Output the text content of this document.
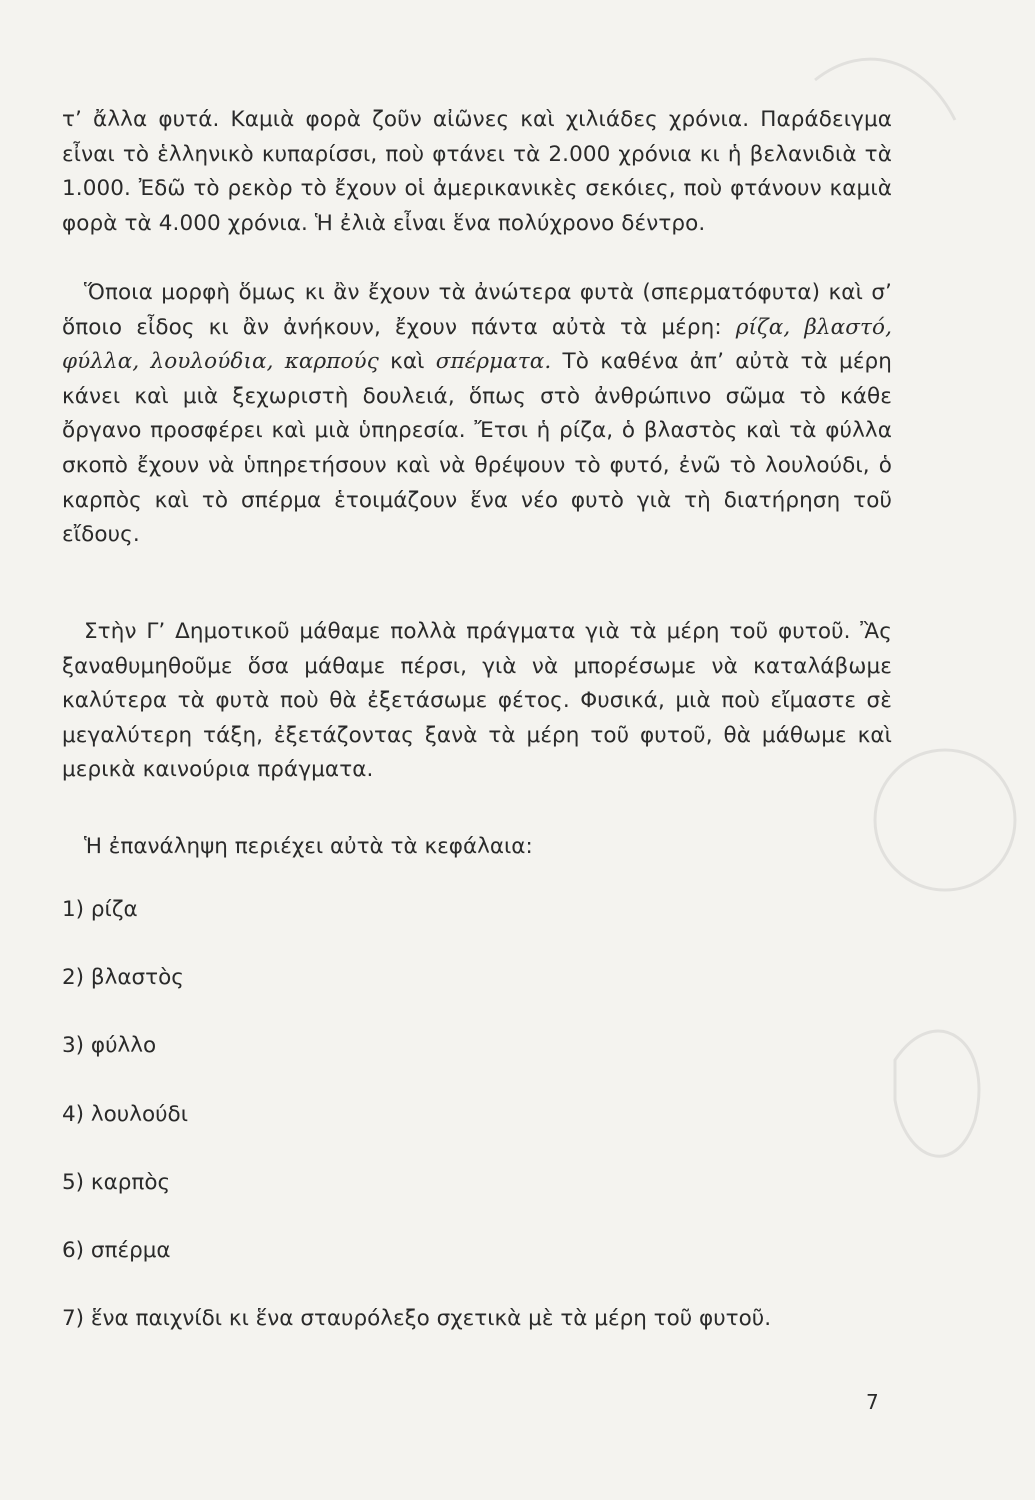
τ’ ἄλλα φυτά. Καμιὰ φορὰ ζοῦν αἰῶνες καὶ χιλιάδες χρόνια. Παράδειγμα εἶναι τὸ ἑλληνικὸ κυπαρίσσι, ποὺ φτάνει τὰ 2.000 χρόνια κι ἡ βελανιδιὰ τὰ 1.000. Ἐδῶ τὸ ρεκὸρ τὸ ἔχουν οἱ ἀμερικανικὲς σεκόιες, ποὺ φτάνουν καμιὰ φορὰ τὰ 4.000 χρόνια. Ἡ ἐλιὰ εἶναι ἕνα πολύχρονο δέντρο.

Ὅποια μορφὴ ὅμως κι ἂν ἔχουν τὰ ἀνώτερα φυτὰ (σπερματόφυτα) καὶ σ’ ὅποιο εἶδος κι ἂν ἀνήκουν, ἔχουν πάντα αὐτὰ τὰ μέρη: ρίζα, βλαστό, φύλλα, λουλούδια, καρπούς καὶ σπέρματα. Τὸ καθένα ἀπ’ αὐτὰ τὰ μέρη κάνει καὶ μιὰ ξεχωριστὴ δουλειά, ὅπως στὸ ἀνθρώπινο σῶμα τὸ κάθε ὄργανο προσφέρει καὶ μιὰ ὑπηρεσία. Ἔτσι ἡ ρίζα, ὁ βλαστὸς καὶ τὰ φύλλα σκοπὸ ἔχουν νὰ ὑπηρετήσουν καὶ νὰ θρέψουν τὸ φυτό, ἐνῶ τὸ λουλούδι, ὁ καρπὸς καὶ τὸ σπέρμα ἑτοιμάζουν ἕνα νέο φυτὸ γιὰ τὴ διατήρηση τοῦ εἴδους.

Στὴν Γ’ Δημοτικοῦ μάθαμε πολλὰ πράγματα γιὰ τὰ μέρη τοῦ φυτοῦ. Ἂς ξαναθυμηθοῦμε ὅσα μάθαμε πέρσι, γιὰ νὰ μπορέσωμε νὰ καταλάβωμε καλύτερα τὰ φυτὰ ποὺ θὰ ἐξετάσωμε φέτος. Φυσικά, μιὰ ποὺ εἴμαστε σὲ μεγαλύτερη τάξη, ἐξετάζοντας ξανὰ τὰ μέρη τοῦ φυτοῦ, θὰ μάθωμε καὶ μερικὰ καινούρια πράγματα.

Ἡ ἐπανάληψη περιέχει αὐτὰ τὰ κεφάλαια:

1) ρίζα
2) βλαστὸς
3) φύλλο
4) λουλούδι
5) καρπὸς
6) σπέρμα
7) ἕνα παιχνίδι κι ἕνα σταυρόλεξο σχετικὰ μὲ τὰ μέρη τοῦ φυτοῦ.
7
